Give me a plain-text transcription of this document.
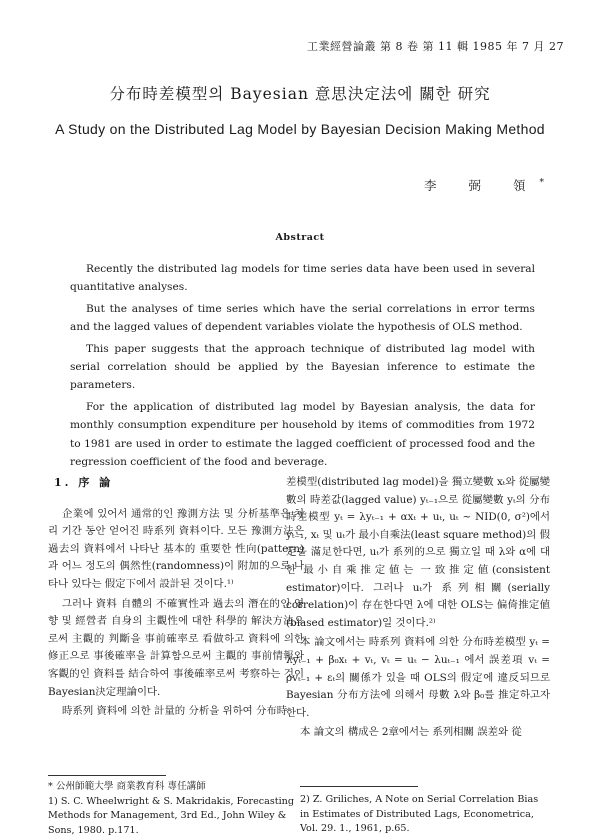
工業經營論叢 第 8 卷 第 11 輯 1985 年 7 月 27
分布時差模型의 Bayesian 意思決定法에 關한 研究
A Study on the Distributed Lag Model by Bayesian Decision Making Method
李 弼 領*
Abstract

Recently the distributed lag models for time series data have been used in several quantitative analyses.

But the analyses of time series which have the serial correlations in error terms and the lagged values of dependent variables violate the hypothesis of OLS method.

This paper suggests that the approach technique of distributed lag model with serial correlation should be applied by the Bayesian inference to estimate the parameters.

For the application of distributed lag model by Bayesian analysis, the data for monthly consumption expenditure per household by items of commodities from 1972 to 1981 are used in order to estimate the lagged coefficient of processed food and the regression coefficient of the food and beverage.

1. 序 論

企業에 있어서 通常的인 豫測方法 및 分析基準은 처리 기간 동안 얻어진 時系列 資料이다. 모든 豫測方法은 過去의 資料에서 나타난 基本的 重要한 性向(pattern)과 어느 정도의 偶然性(randomness)이 附加的으로 나타나 있다는 假定下에서 設計된 것이다.¹⁾

그러나 資料 自體의 不確實性과 過去의 潛在的인 영향 및 經營者 自身의 主觀性에 대한 科學的 解決方法으로써 主觀的 判斷을 事前確率로 看做하고 資料에 의한 修正으로 事後確率을 計算함으로써 主觀的 事前情報와 客觀的인 資料를 結合하여 事後確率로써 考察하는 것이 Bayesian決定理論이다.

時系列 資料에 의한 計量的 分析을 위하여 分布時

差模型(distributed lag model)을 獨立變數 xₜ와 從屬變數의 時差값(lagged value) yₜ₋₁으로 從屬變數 yₜ의 分布時差模型 yₜ = λyₜ₋₁ + αxₜ + uₜ, uₜ ~ NID(0, σ²)에서 yₜ₋₁, xₜ 및 uₜ가 最小自乘法(least square method)의 假定을 滿足한다면, uₜ가 系列的으로 獨立일 때 λ와 α에 대한 最小自乘推定値는 一致推定値(consistent estimator)이다. 그러나 uₜ가 系列相關(serially correlation)이 存在한다면 λ에 대한 OLS는 偏倚推定値(biased estimator)일 것이다.²⁾

本 論文에서는 時系列 資料에 의한 分布時差模型 yₜ = λyₜ₋₁ + β₀xₜ + vₜ, vₜ = uₜ − λuₜ₋₁ 에서 誤差項 vₜ = ρvₜ₋₁ + εₜ의 關係가 있을 때 OLS의 假定에 違反되므로 Bayesian 分布方法에 의해서 母數 λ와 β₀를 推定하고자 한다.

本 論文의 構成은 2章에서는 系列相關 誤差와 從

* 公州師範大學 商業教育科 專任講師
1) S. C. Wheelwright & S. Makridakis, Forecasting Methods for Management, 3rd Ed., John Wiley & Sons, 1980. p.171.
2) Z. Griliches, A Note on Serial Correlation Bias in Estimates of Distributed Lags, Econometrica, Vol. 29. 1., 1961, p.65.
